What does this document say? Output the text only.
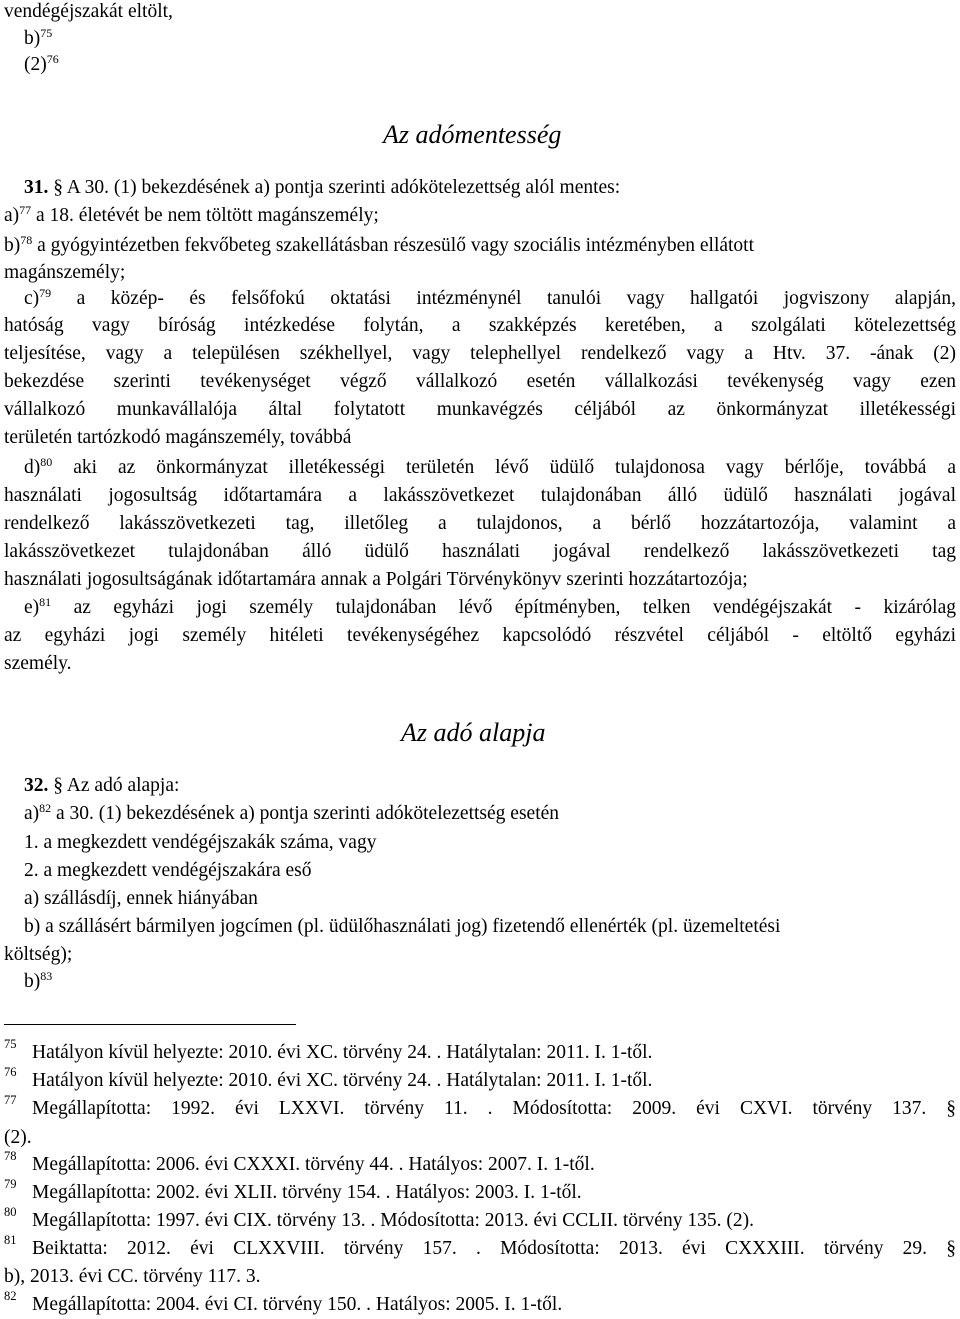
vendégéjszakát eltölt,
b)$^{75}$
$(2)^{76}$
Az adómentesség
31. § A 30. (1) bekezdésének a) pontja szerinti adókötelezettség alól mentes:
a)$^{77}$ a 18. életévét be nem töltött magánszemély;
b)$^{78}$ a gyógyintézetben fekvőbeteg szakellátásban részesülő vagy szociális intézményben ellátott
magánszemély;
c)$^{79}$ a közép- és felsőfokú oktatási intézménynél tanulói vagy hallgatói jogviszony alapján,
hatóság vagy bíróság intézkedése folytán, a szakképzés keretében, a szolgálati kötelezettség
teljesítése, vagy a településen székhellyel, vagy telephellyel rendelkező vagy a Htv. 37. -ának (2)
bekezdése szerinti tevékenységet végző vállalkozó esetén vállalkozási tevékenység vagy ezen
vállalkozó munkavállalója által folytatott munkavégzés céljából az önkormányzat illetékességi
területén tartózkodó magánszemély, továbbá
d)$^{80}$ aki az önkormányzat illetékességi területén lévő üdülő tulajdonosa vagy bérlője, továbbá a
használati jogosultság időtartamára a lakásszövetkezet tulajdonában álló üdülő használati jogával
rendelkező lakásszövetkezeti tag, illetőleg a tulajdonos, a bérlő hozzátartozója, valamint a
lakásszövetkezet tulajdonában álló üdülő használati jogával rendelkező lakásszövetkezeti tag
használati jogosultságának időtartamára annak a Polgári Törvénykönyv szerinti hozzátartozója;
e)$^{81}$ az egyházi jogi személy tulajdonában lévő építményben, telken vendégéjszakát - kizárólag
az egyházi jogi személy hitéleti tevékenységéhez kapcsolódó részvétel céljából - eltöltő egyházi
személy.
Az adó alapja
32. § Az adó alapja:
a)$^{82}$ a 30. (1) bekezdésének a) pontja szerinti adókötelezettség esetén
1. a megkezdett vendégéjszakák száma, vagy
2. a megkezdett vendégéjszakára eső
a) szállásdíj, ennek hiányában
b) a szállásért bármilyen jogcímen (pl. üdülőhasználati jog) fizetendő ellenérték (pl. üzemeltetési
költség);
b)$^{83}$
75 Hatályon kívül helyezte: 2010. évi XC. törvény 24. . Hatálytalan: 2011. I. 1-től.
76 Hatályon kívül helyezte: 2010. évi XC. törvény 24. . Hatálytalan: 2011. I. 1-től.
77 Megállapította: 1992. évi LXXVI. törvény 11. . Módosította: 2009. évi CXVI. törvény 137. §
(2).
78 Megállapította: 2006. évi CXXXI. törvény 44. . Hatályos: 2007. I. 1-től.
79 Megállapította: 2002. évi XLII. törvény 154. . Hatályos: 2003. I. 1-től.
80 Megállapította: 1997. évi CIX. törvény 13. . Módosította: 2013. évi CCLII. törvény 135. (2).
81 Beiktatta: 2012. évi CLXXVIII. törvény 157. . Módosította: 2013. évi CXXXIII. törvény 29. §
b), 2013. évi CC. törvény 117. 3.
82 Megállapította: 2004. évi CI. törvény 150. . Hatályos: 2005. I. 1-től.
